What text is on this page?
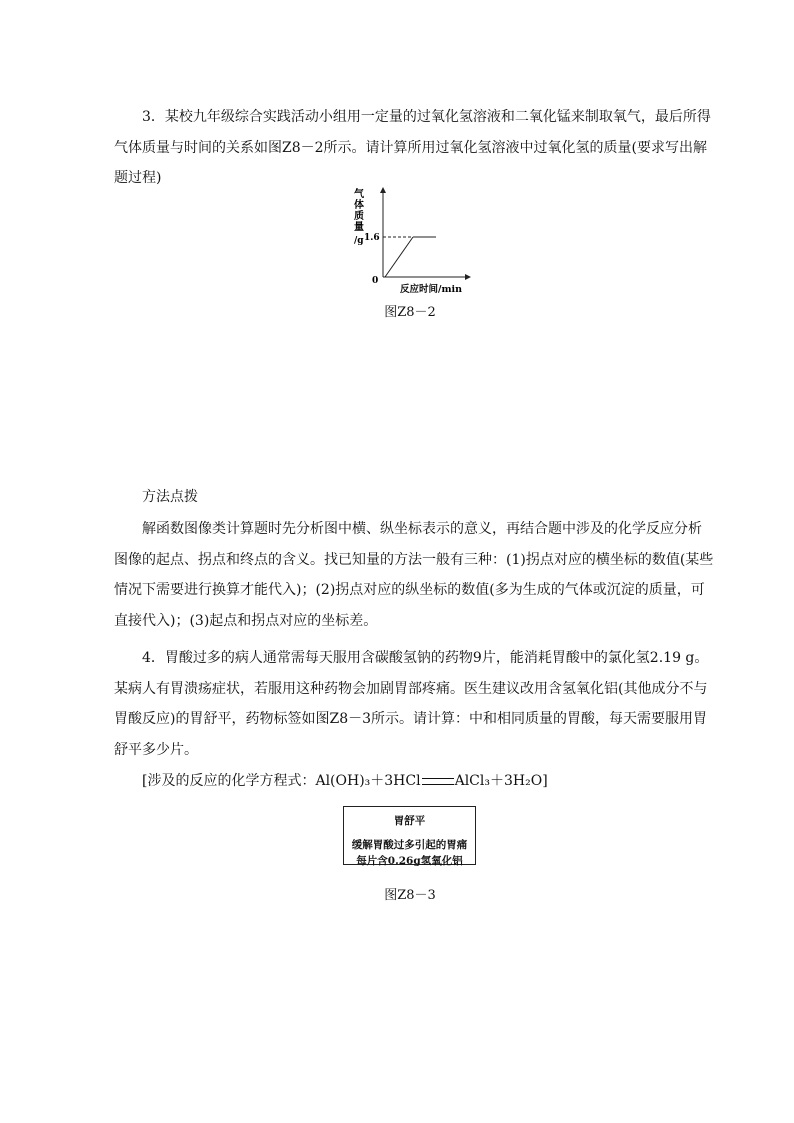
3．某校九年级综合实践活动小组用一定量的过氧化氢溶液和二氧化锰来制取氧气，最后所得气体质量与时间的关系如图Z8－2所示。请计算所用过氧化氢溶液中过氧化氢的质量(要求写出解题过程)

气
体
质
量
/g 1.6
0
反应时间/min
图Z8－2
方法点拨

解函数图像类计算题时先分析图中横、纵坐标表示的意义，再结合题中涉及的化学反应分析图像的起点、拐点和终点的含义。找已知量的方法一般有三种：(1)拐点对应的横坐标的数值(某些情况下需要进行换算才能代入)；(2)拐点对应的纵坐标的数值(多为生成的气体或沉淀的质量，可直接代入)；(3)起点和拐点对应的坐标差。

4．胃酸过多的病人通常需每天服用含碳酸氢钠的药物9片，能消耗胃酸中的氯化氢2.19 g。某病人有胃溃疡症状，若服用这种药物会加剧胃部疼痛。医生建议改用含氢氧化铝(其他成分不与胃酸反应)的胃舒平，药物标签如图Z8－3所示。请计算：中和相同质量的胃酸，每天需要服用胃舒平多少片。

[涉及的反应的化学方程式：Al(OH)₃＋3HCl AlCl₃＋3H₂O]
胃舒平
缓解胃酸过多引起的胃痛
每片含0.26g氢氧化铝
图Z8－3
